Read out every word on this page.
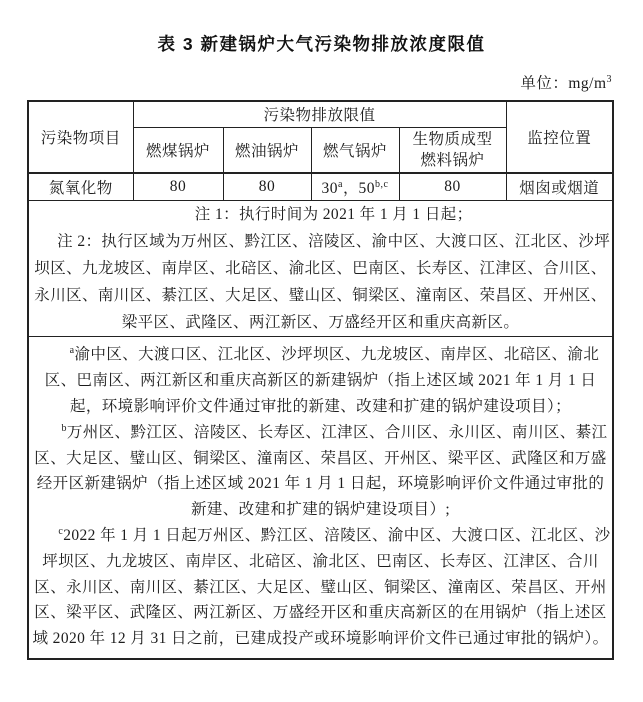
表 3 新建锅炉大气污染物排放浓度限值
单位：$mg/m^3$
污染物项目	污染物排放限值				监控位置
	燃煤锅炉	燃油锅炉	燃气锅炉	生物质成型
燃料锅炉	

氮氧化物	80	80	30$^a$，50$^{b,c}$	80	烟囱或烟道

注 1：执行时间为 2021 年 1 月 1 日起；

注 2：执行区域为万州区、黔江区、涪陵区、渝中区、大渡口区、江北区、沙坪坝区、九龙坡区、南岸区、北碚区、渝北区、巴南区、长寿区、江津区、合川区、永川区、南川区、綦江区、大足区、璧山区、铜梁区、潼南区、荣昌区、开州区、梁平区、武隆区、两江新区、万盛经开区和重庆高新区。					

$^a$渝中区、大渡口区、江北区、沙坪坝区、九龙坡区、南岸区、北碚区、渝北区、巴南区、两江新区和重庆高新区的新建锅炉（指上述区域 2021 年 1 月 1 日起，环境影响评价文件通过审批的新建、改建和扩建的锅炉建设项目）；

$^b$万州区、黔江区、涪陵区、长寿区、江津区、合川区、永川区、南川区、綦江区、大足区、璧山区、铜梁区、潼南区、荣昌区、开州区、梁平区、武隆区和万盛经开区新建锅炉（指上述区域 2021 年 1 月 1 日起，环境影响评价文件通过审批的新建、改建和扩建的锅炉建设项目）;

$^c$2022 年 1 月 1 日起万州区、黔江区、涪陵区、渝中区、大渡口区、江北区、沙坪坝区、九龙坡区、南岸区、北碚区、渝北区、巴南区、长寿区、江津区、合川区、永川区、南川区、綦江区、大足区、璧山区、铜梁区、潼南区、荣昌区、开州区、梁平区、武隆区、两江新区、万盛经开区和重庆高新区的在用锅炉（指上述区域 2020 年 12 月 31 日之前，已建成投产或环境影响评价文件已通过审批的锅炉）。					
